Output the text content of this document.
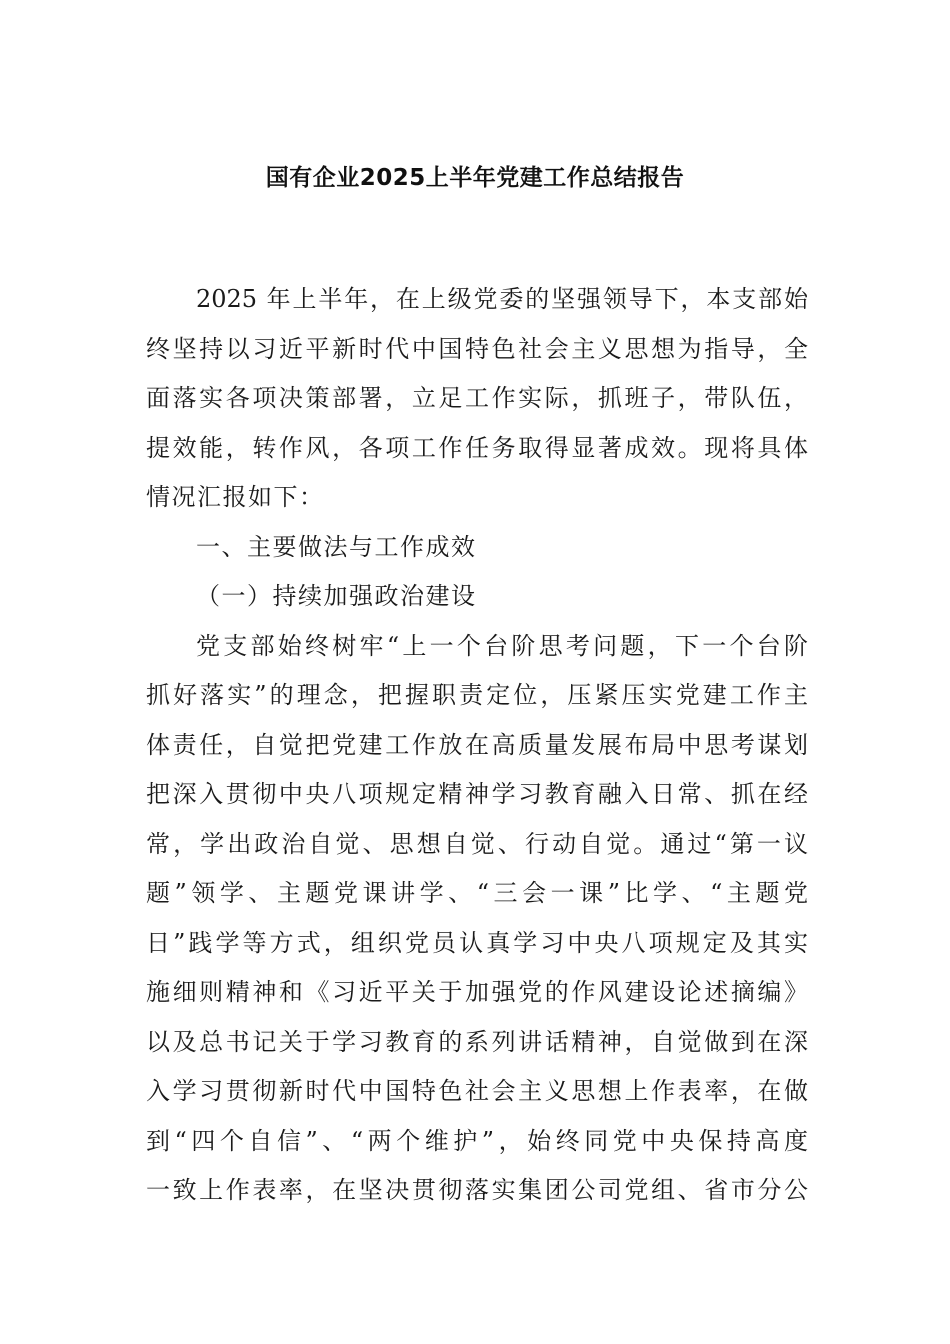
国有企业2025上半年党建工作总结报告
2025 年上半年，在上级党委的坚强领导下，本支部始
终坚持以习近平新时代中国特色社会主义思想为指导，全
面落实各项决策部署，立足工作实际，抓班子，带队伍，
提效能，转作风，各项工作任务取得显著成效。现将具体
情况汇报如下：
一、主要做法与工作成效
（一）持续加强政治建设
党支部始终树牢“上一个台阶思考问题，下一个台阶
抓好落实”的理念，把握职责定位，压紧压实党建工作主
体责任，自觉把党建工作放在高质量发展布局中思考谋划
把深入贯彻中央八项规定精神学习教育融入日常、抓在经
常，学出政治自觉、思想自觉、行动自觉。通过“第一议
题”领学、主题党课讲学、“三会一课”比学、“主题党
日”践学等方式，组织党员认真学习中央八项规定及其实
施细则精神和《习近平关于加强党的作风建设论述摘编》
以及总书记关于学习教育的系列讲话精神，自觉做到在深
入学习贯彻新时代中国特色社会主义思想上作表率，在做
到“四个自信”、“两个维护”，始终同党中央保持高度
一致上作表率，在坚决贯彻落实集团公司党组、省市分公
